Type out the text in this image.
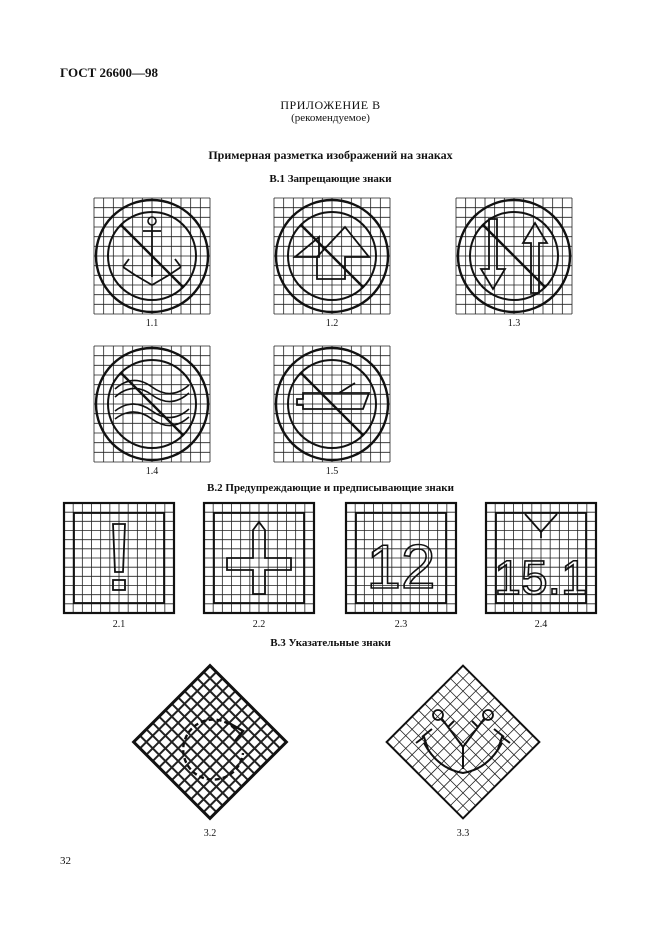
ГОСТ 26600—98
ПРИЛОЖЕНИЕ В
(рекомендуемое)
Примерная разметка изображений на знаках
В.1 Запрещающие знаки
1.1	1.2	1.3
1.4	1.5
В.2 Предупреждающие и предписывающие знаки
2.1	2.2
12
2.3
15.1
2.4
В.3 Указательные знаки
3.2	3.3
32
